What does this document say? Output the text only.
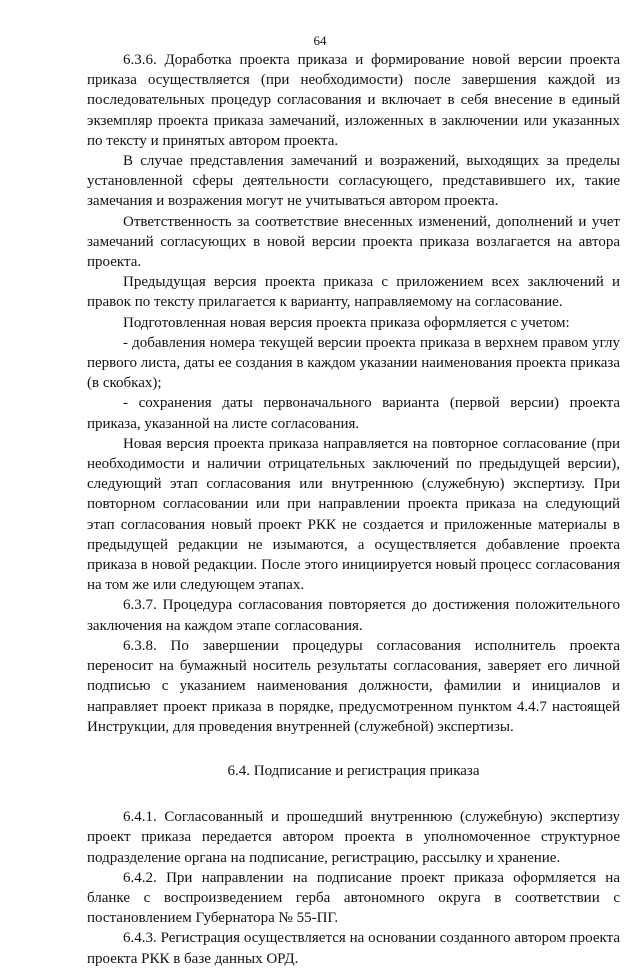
64

6.3.6. Доработка проекта приказа и формирование новой версии проекта приказа осуществляется (при необходимости) после завершения каждой из последовательных процедур согласования и включает в себя внесение в единый экземпляр проекта приказа замечаний, изложенных в заключении или указанных по тексту и принятых автором проекта.

В случае представления замечаний и возражений, выходящих за пределы установленной сферы деятельности согласующего, представившего их, такие замечания и возражения могут не учитываться автором проекта.

Ответственность за соответствие внесенных изменений, дополнений и учет замечаний согласующих в новой версии проекта приказа возлагается на автора проекта.

Предыдущая версия проекта приказа с приложением всех заключений и правок по тексту прилагается к варианту, направляемому на согласование.

Подготовленная новая версия проекта приказа оформляется с учетом:

- добавления номера текущей версии проекта приказа в верхнем правом углу первого листа, даты ее создания в каждом указании наименования проекта приказа (в скобках);

- сохранения даты первоначального варианта (первой версии) проекта приказа, указанной на листе согласования.

Новая версия проекта приказа направляется на повторное согласование (при необходимости и наличии отрицательных заключений по предыдущей версии), следующий этап согласования или внутреннюю (служебную) экспертизу. При повторном согласовании или при направлении проекта приказа на следующий этап согласования новый проект РКК не создается и приложенные материалы в предыдущей редакции не изымаются, а осуществляется добавление проекта приказа в новой редакции. После этого инициируется новый процесс согласования на том же или следующем этапах.

6.3.7. Процедура согласования повторяется до достижения положительного заключения на каждом этапе согласования.

6.3.8. По завершении процедуры согласования исполнитель проекта переносит на бумажный носитель результаты согласования, заверяет его личной подписью с указанием наименования должности, фамилии и инициалов и направляет проект приказа в порядке, предусмотренном пунктом 4.4.7 настоящей Инструкции, для проведения внутренней (служебной) экспертизы.

6.4. Подписание и регистрация приказа

6.4.1. Согласованный и прошедший внутреннюю (служебную) экспертизу проект приказа передается автором проекта в уполномоченное структурное подразделение органа на подписание, регистрацию, рассылку и хранение.

6.4.2. При направлении на подписание проект приказа оформляется на бланке с воспроизведением герба автономного округа в соответствии с постановлением Губернатора № 55-ПГ.

6.4.3. Регистрация осуществляется на основании созданного автором проекта проекта РКК в базе данных ОРД.
